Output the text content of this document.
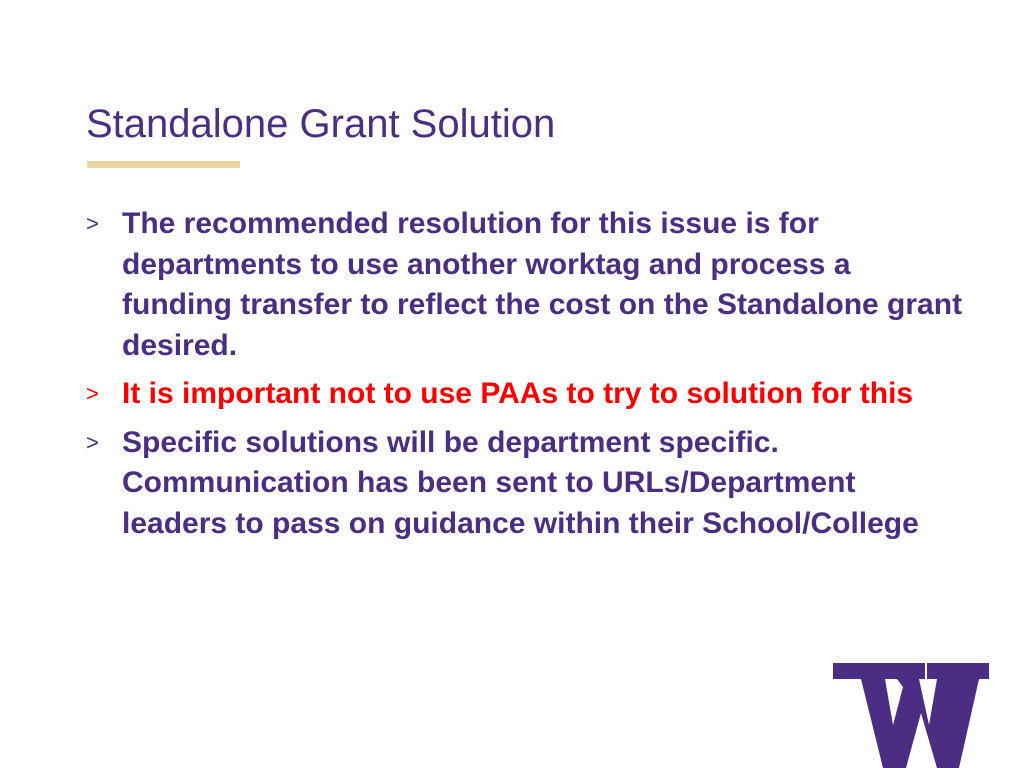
Standalone Grant Solution
> The recommended resolution for this issue is for departments to use another worktag and process a funding transfer to reflect the cost on the Standalone grant desired.
> It is important not to use PAAs to try to solution for this
> Specific solutions will be department specific. Communication has been sent to URLs/Department leaders to pass on guidance within their School/College
